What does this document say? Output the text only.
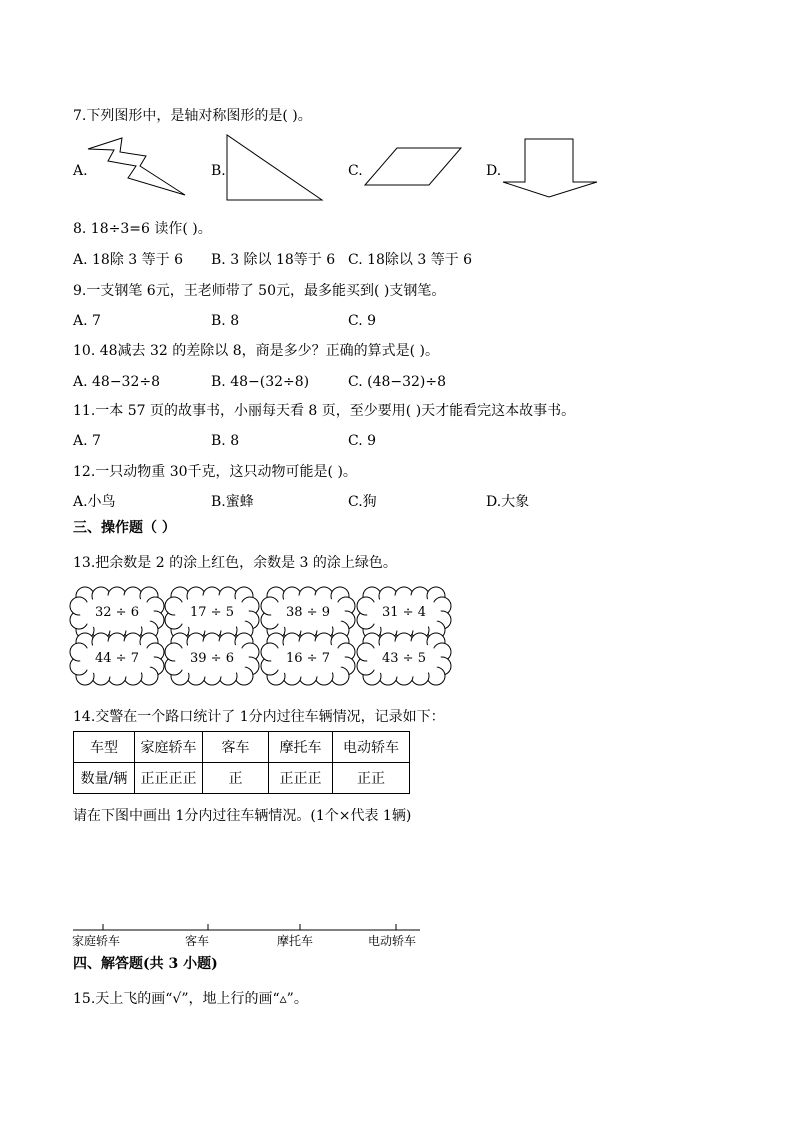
7.下列图形中，是轴对称图形的是( )。
A.	B.	C.	D.
8. 18÷3=6 读作( )。
A. 18除 3 等于 6 B. 3 除以 18等于 6 C. 18除以 3 等于 6
9.一支钢笔 6元，王老师带了 50元，最多能买到( )支钢笔。
A. 7	B. 8	C. 9
10. 48减去 32 的差除以 8，商是多少？正确的算式是( )。
A. 48−32÷8	B. 48−(32÷8)	C. (48−32)÷8
11.一本 57 页的故事书，小丽每天看 8 页，至少要用( )天才能看完这本故事书。
A. 7	B. 8	C. 9
12.一只动物重 30千克，这只动物可能是( )。
A.小鸟	B.蜜蜂	C.狗	D.大象
三、操作题（ ）
13.把余数是 2 的涂上红色，余数是 3 的涂上绿色。
32 ÷ 6	17 ÷ 5	38 ÷ 9	31 ÷ 4
44 ÷ 7	39 ÷ 6	16 ÷ 7	43 ÷ 5
14.交警在一个路口统计了 1分内过往车辆情况，记录如下：
车型	家庭轿车	客车	摩托车	电动轿车
数量/辆	正正正正	正	正正正	正正
请在下图中画出 1分内过往车辆情况。(1个×代表 1辆)
家庭轿车	客车	摩托车	电动轿车
四、解答题(共 3 小题)
15.天上飞的画“√”，地上行的画“▵”。
